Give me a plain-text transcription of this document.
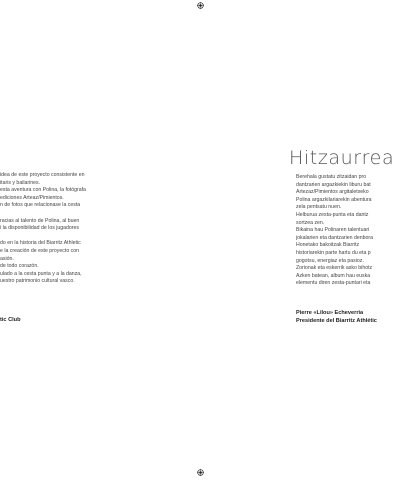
idea de este proyecto consistente en
itaris y bailarines.
esta aventura con Polina, la fotógrafa
ediciones Arteaz/Pimientos.
n de fotos que relacionase la cesta
racias al talento de Polina, al buen
i la disponibilidad de los jugadores
do en la historia del Biarritz Athletic
e la creación de este proyecto con
asión.
de todo corazón.
ulado a la cesta punta y a la danza,
uestro patrimonio cultural vasco.
tic Club
Hitzaurrea
Berehala gustatu zitzaidan pro
dantzarien argazkiekin liburu bat
Artezaz/Pimientos argitaletxeko
Polina argazkilariarekin abentura
zela pentsatu nuen.
Helburua zesta-punta eta dantz
sortzea zen.
Bikaina hau Polinaren talentuari
jokalarien eta dantzarien denbora
Honetako bakoitzak Biarritz
historiarekin parte hartu du eta p
gogotsu, energiaz eta pasioz.
Zorionak eta eskerrik asko bihotz
Azken batean, album hau euska
elementu diren zesta-puntari eta
Pierre «Lilou» Echeverria
Presidente del Biarritz Athlétic
